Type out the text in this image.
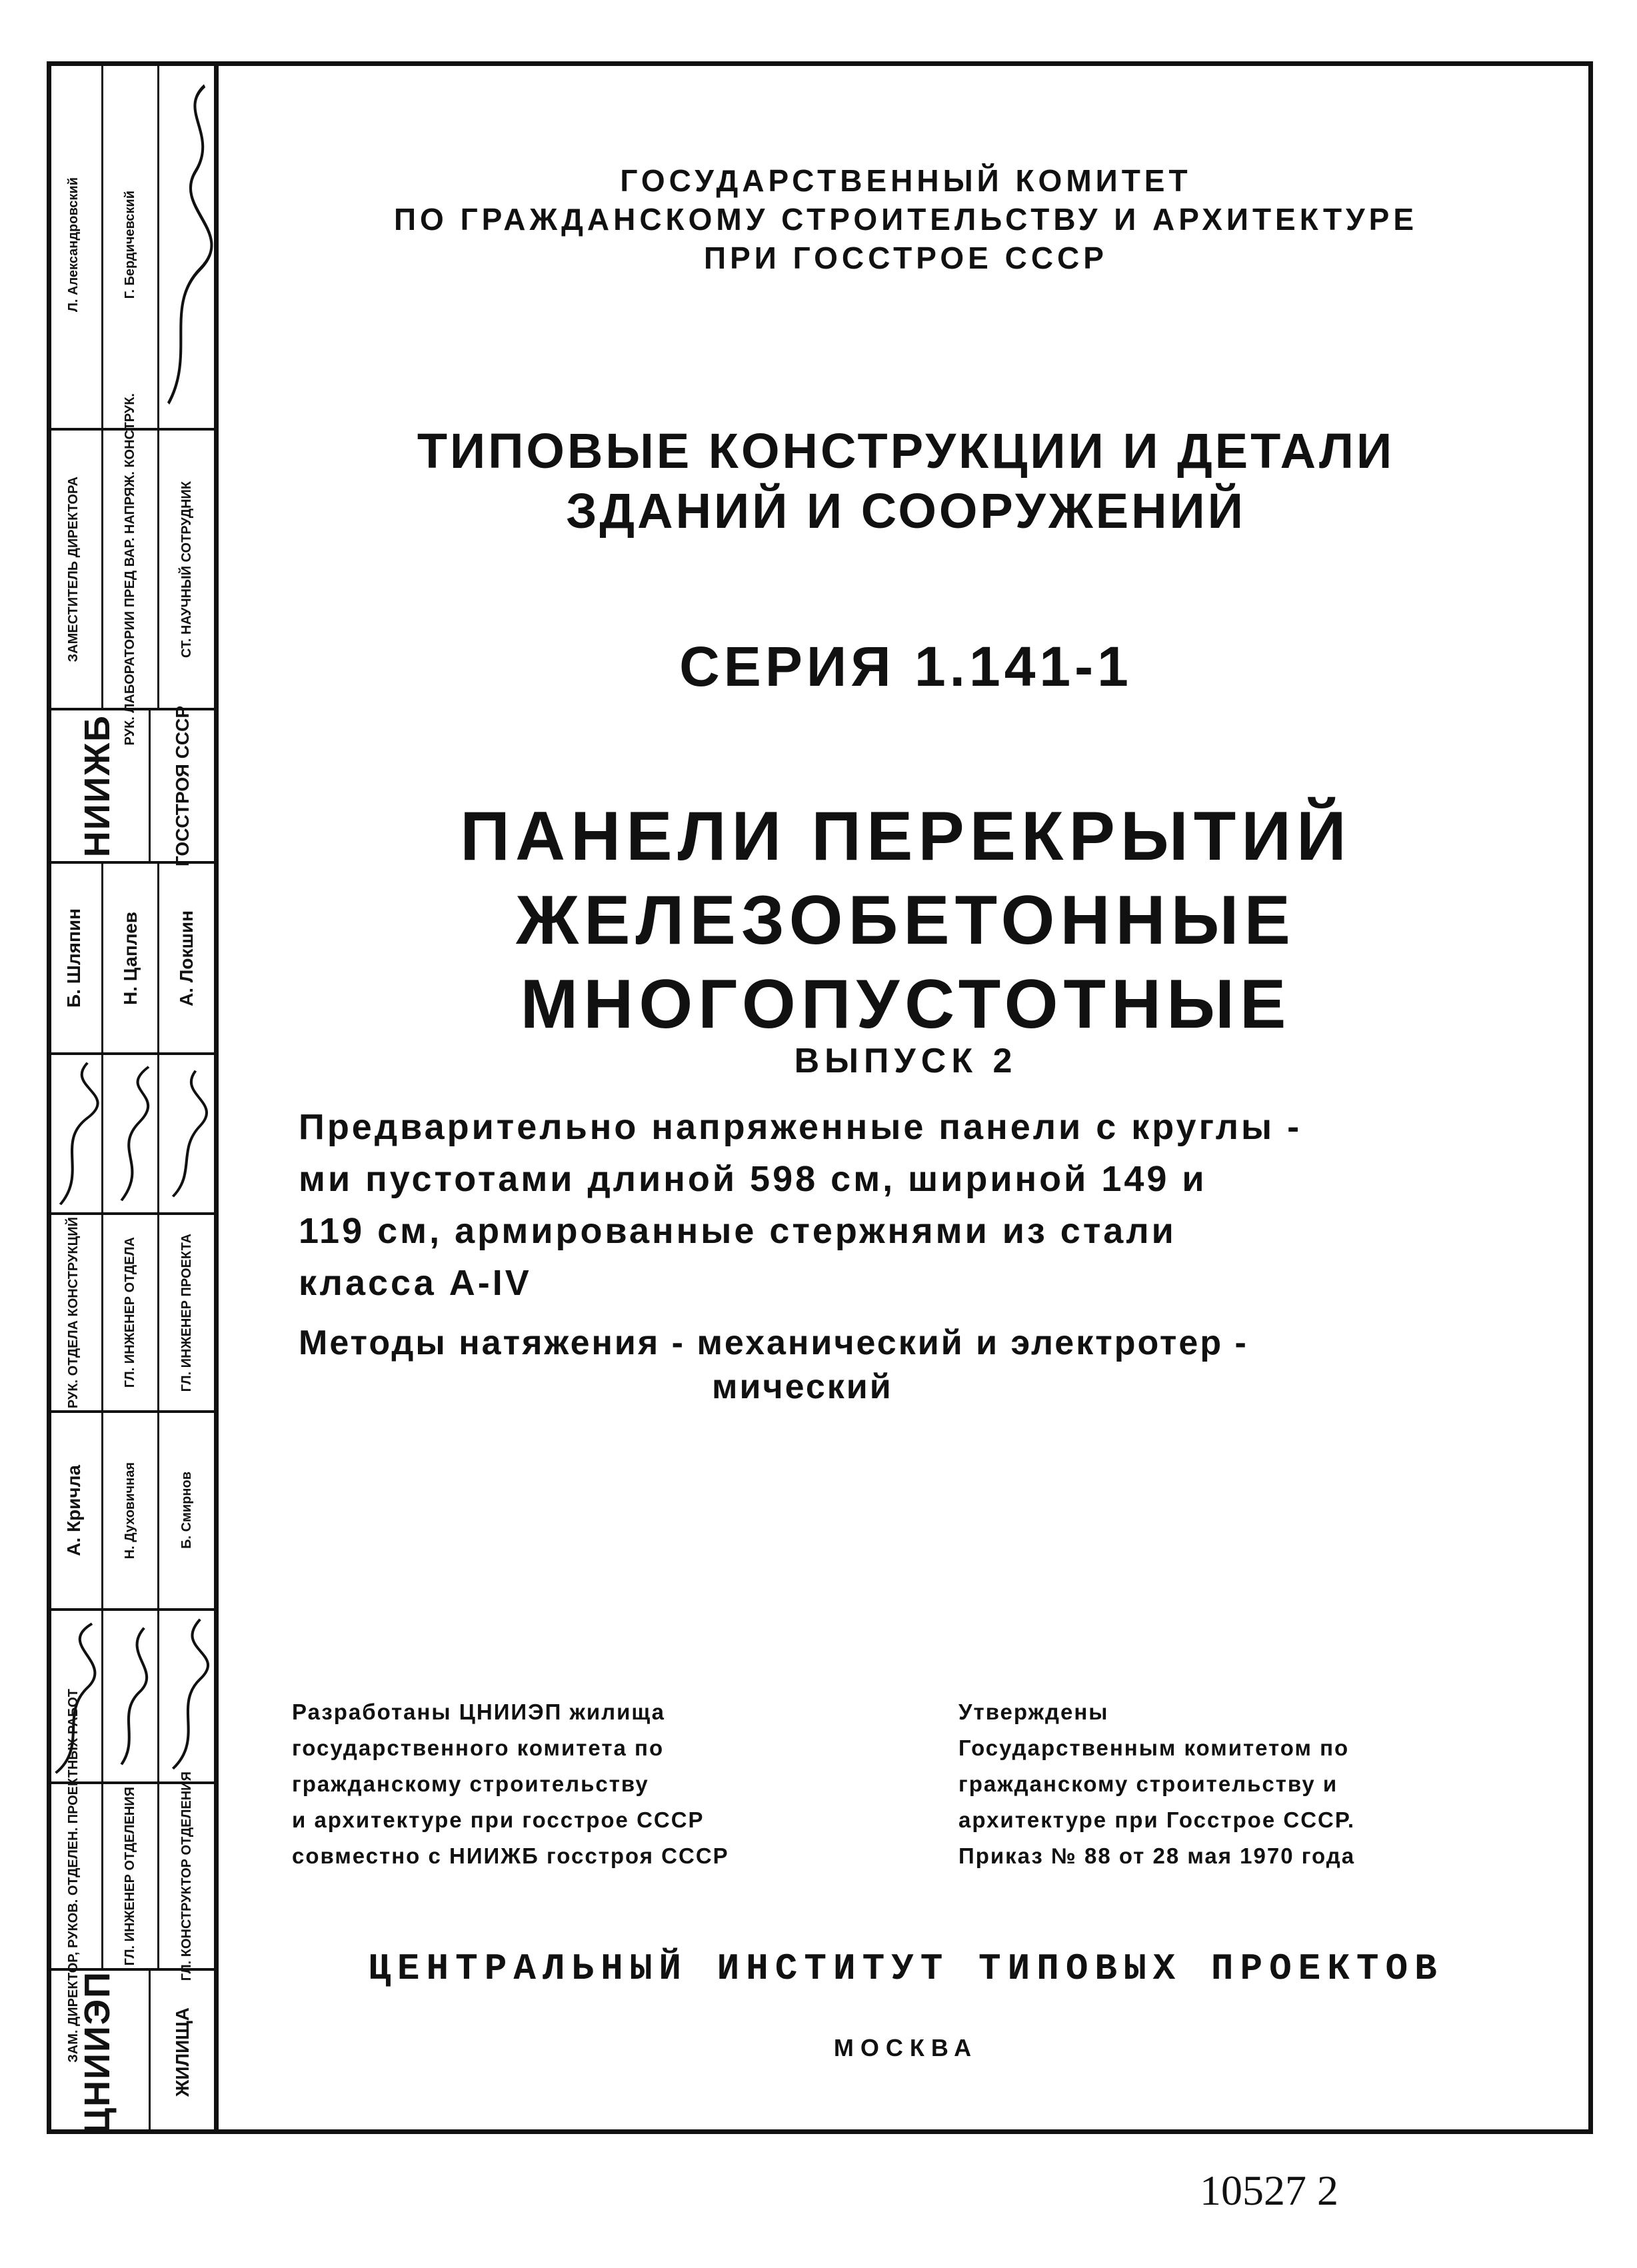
Л. Александровский	Г. Бердичевский
ЗАМЕСТИТЕЛЬ ДИРЕКТОРА	РУК. ЛАБОРАТОРИИ ПРЕД ВАР. НАПРЯЖ. КОНСТРУК.	СТ. НАУЧНЫЙ СОТРУДНИК
НИИЖБ	ГОССТРОЯ СССР
Б. Шляпин Н. Цаплев А. Локшин
РУК. ОТДЕЛА КОНСТРУКЦИЙ	ГЛ. ИНЖЕНЕР ОТДЕЛА	ГЛ. ИНЖЕНЕР ПРОЕКТА
А. Кричла	Н. Духовичная	Б. Смирнов
ЗАМ. ДИРЕКТОР, РУКОВ. ОТДЕЛЕН. ПРОЕКТНЫХ РАБОТ	ГЛ. ИНЖЕНЕР ОТДЕЛЕНИЯ	ГЛ. КОНСТРУКТОР ОТДЕЛЕНИЯ
ЦНИИЭП	ЖИЛИЩА
ГОСУДАРСТВЕННЫЙ КОМИТЕТ
ПО ГРАЖДАНСКОМУ СТРОИТЕЛЬСТВУ И АРХИТЕКТУРЕ
ПРИ ГОССТРОЕ СССР
ТИПОВЫЕ КОНСТРУКЦИИ И ДЕТАЛИ
ЗДАНИЙ И СООРУЖЕНИЙ
СЕРИЯ 1.141-1
ПАНЕЛИ ПЕРЕКРЫТИЙ
ЖЕЛЕЗОБЕТОННЫЕ МНОГОПУСТОТНЫЕ
ВЫПУСК 2
Предварительно напряженные панели с круглы -
ми пустотами длиной 598 см, шириной 149 и
119 см, армированные стержнями из стали
класса А-IV
Методы натяжения - механический и электротер -
мический
Разработаны ЦНИИЭП жилища
государственного комитета по
гражданскому строительству
и архитектуре при госстрое СССР
совместно с НИИЖБ госстроя СССР
Утверждены
Государственным комитетом по
гражданскому строительству и
архитектуре при Госстрое СССР.
Приказ № 88 от 28 мая 1970 года
ЦЕНТРАЛЬНЫЙ ИНСТИТУТ ТИПОВЫХ ПРОЕКТОВ
МОСКВА
10527 2
